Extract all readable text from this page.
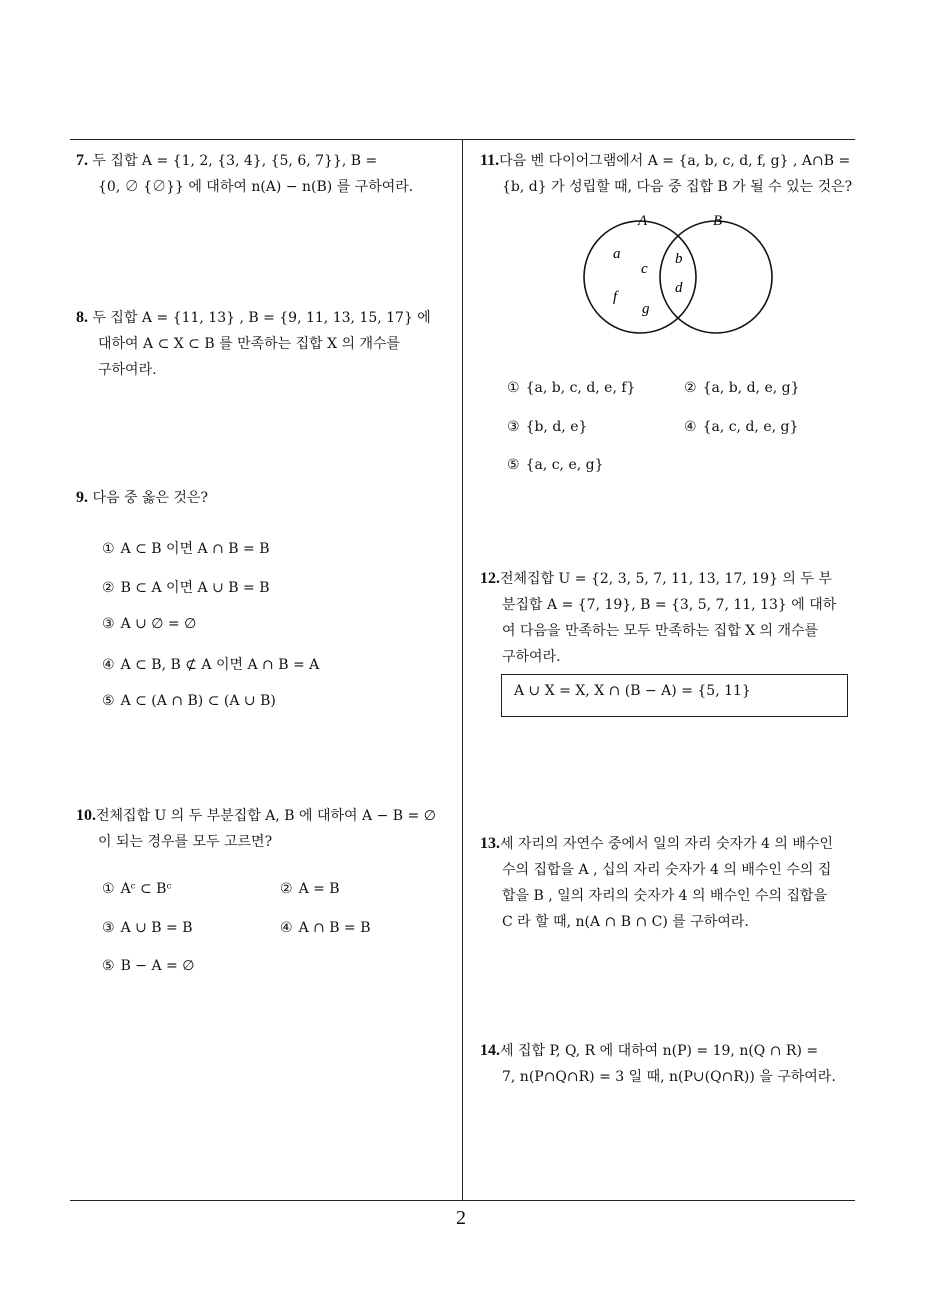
7. 두 집합 A = {1, 2, {3, 4}, {5, 6, 7}}, B =
{0, ∅ {∅}} 에 대하여 n(A) − n(B) 를 구하여라.
8. 두 집합 A = {11, 13} , B = {9, 11, 13, 15, 17} 에
대하여 A ⊂ X ⊂ B 를 만족하는 집합 X 의 개수를
구하여라.
9. 다음 중 옳은 것은?
① A ⊂ B 이면 A ∩ B = B
② B ⊂ A 이면 A ∪ B = B
③ A ∪ ∅ = ∅
④ A ⊂ B, B ⊄ A 이면 A ∩ B = A
⑤ A ⊂ (A ∩ B) ⊂ (A ∪ B)
10.전체집합 U 의 두 부분집합 A, B 에 대하여 A − B = ∅
이 되는 경우를 모두 고르면?
① Aᶜ ⊂ Bᶜ	② A = B
③ A ∪ B = B	④ A ∩ B = B
⑤ B − A = ∅
11.다음 벤 다이어그램에서 A = {a, b, c, d, f, g} , A∩B =
{b, d} 가 성립할 때, 다음 중 집합 B 가 될 수 있는 것은?
A	B
a
c
b
f
d
g
① {a, b, c, d, e, f}	② {a, b, d, e, g}
③ {b, d, e}	④ {a, c, d, e, g}
⑤ {a, c, e, g}
12.전체집합 U = {2, 3, 5, 7, 11, 13, 17, 19} 의 두 부
분집합 A = {7, 19}, B = {3, 5, 7, 11, 13} 에 대하
여 다음을 만족하는 모두 만족하는 집합 X 의 개수를
구하여라.
A ∪ X = X, X ∩ (B − A) = {5, 11}
13.세 자리의 자연수 중에서 일의 자리 숫자가 4 의 배수인
수의 집합을 A , 십의 자리 숫자가 4 의 배수인 수의 집
합을 B , 일의 자리의 숫자가 4 의 배수인 수의 집합을
C 라 할 때, n(A ∩ B ∩ C) 를 구하여라.
14.세 집합 P, Q, R 에 대하여 n(P) = 19, n(Q ∩ R) =
7, n(P∩Q∩R) = 3 일 때, n(P∪(Q∩R)) 을 구하여라.
2
